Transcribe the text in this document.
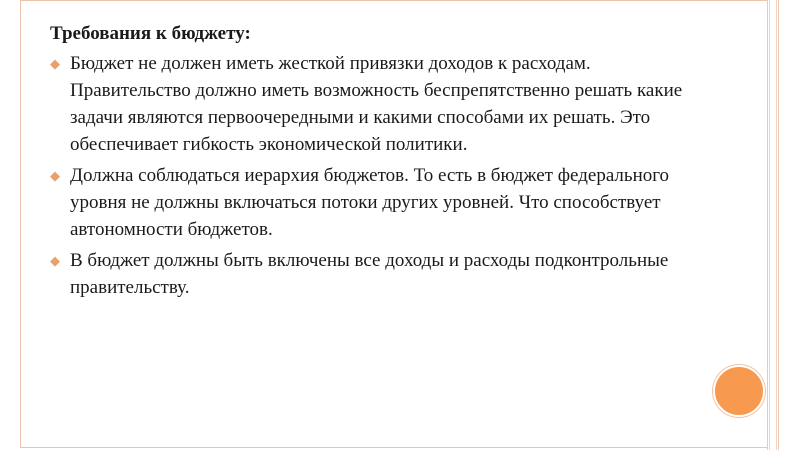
Требования к бюджету:
◆ Бюджет не должен иметь жесткой привязки доходов к расходам. Правительство должно иметь возможность беспрепятственно решать какие задачи являются первоочередными и какими способами их решать. Это обеспечивает гибкость экономической политики.
◆ Должна соблюдаться иерархия бюджетов. То есть в бюджет федерального уровня не должны включаться потоки других уровней. Что способствует автономности бюджетов.
◆ В бюджет должны быть включены все доходы и расходы подконтрольные правительству.
